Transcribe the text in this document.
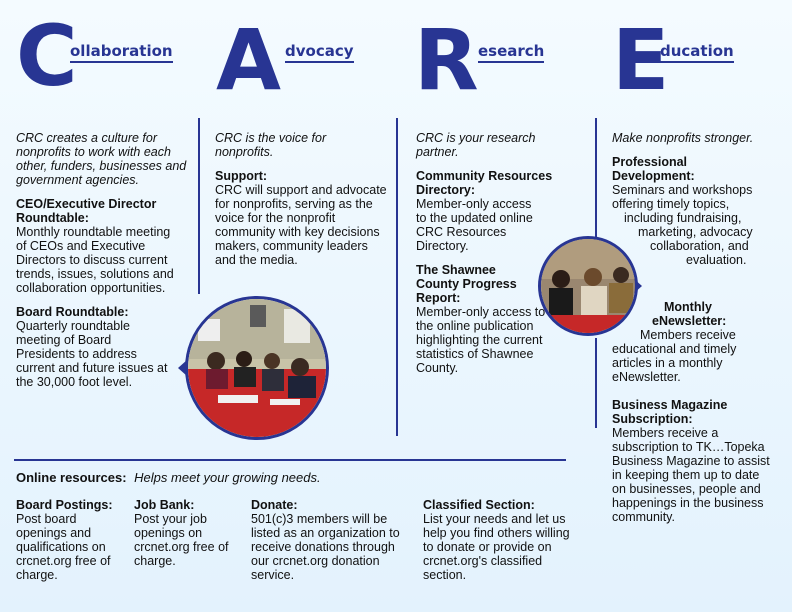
C
ollaboration A dvocacy R esearch E
ducation
CRC creates a culture for nonprofits to work with each other, funders, businesses and government agencies.
CEO/Executive Director Roundtable:
Monthly roundtable meeting of CEOs and Executive Directors to discuss current trends, issues, solutions and collaboration opportunities.
Board Roundtable:
Quarterly roundtable meeting of Board Presidents to address current and future issues at the 30,000 foot level.
CRC is the voice for nonprofits.
Support:
CRC will support and advocate for nonprofits, serving as the voice for the nonprofit community with key decisions makers, community leaders and the media.
CRC is your research partner.
Community Resources Directory:
Member-only access to the updated online CRC Resources Directory.
The Shawnee County Progress Report:
Member-only access to the online publication highlighting the current statistics of Shawnee County.
Make nonprofits stronger.
Professional Development:
Seminars and workshops
offering timely topics,
including fundraising,
marketing, advocacy
collaboration, and
evaluation.
Monthly
eNewsletter:
Members receive
educational and timely
articles in a monthly
eNewsletter.
Business Magazine Subscription:
Members receive a subscription to TK…Topeka Business Magazine to assist in keeping them up to date on businesses, people and happenings in the business community.
Online resources: Helps meet your growing needs.
Board Postings:
Post board openings and qualifications on crcnet.org free of charge.
Job Bank:
Post your job openings on crcnet.org free of charge.
Donate:
501(c)3 members will be listed as an organization to receive donations through our crcnet.org donation service.
Classified Section:
List your needs and let us help you find others willing to donate or provide on crcnet.org's classified section.
